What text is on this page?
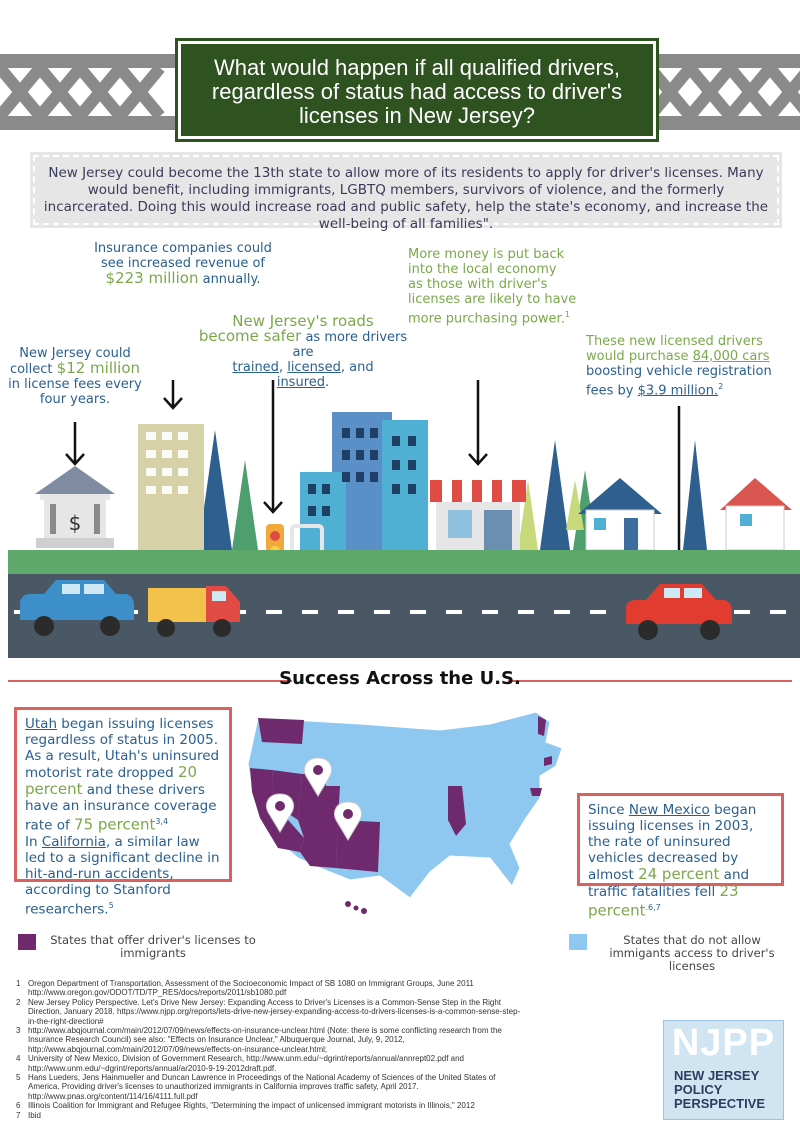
What would happen if all qualified drivers, regardless of status had access to driver's licenses in New Jersey?
New Jersey could become the 13th state to allow more of its residents to apply for driver's licenses. Many would benefit, including immigrants, LGBTQ members, survivors of violence, and the formerly incarcerated. Doing this would increase road and public safety, help the state's economy, and increase the well-being of all families".
New Jersey could
collect $12 million
in license fees every
four years.
Insurance companies could
see increased revenue of
$223 million annually.
New Jersey's roads
become safer as more drivers are
trained, licensed, and
insured.
More money is put back
into the local economy
as those with driver's
licenses are likely to have
more purchasing power.$^1$
These new licensed drivers
would purchase 84,000 cars
boosting vehicle registration
fees by $3.9 million.$^2$
$
Success Across the U.S.
Utah began issuing licenses regardless of status in 2005. As a result, Utah's uninsured motorist rate dropped 20 percent and these drivers have an insurance coverage rate of 75 percent$^{3,4}$
In California, a similar law led to a significant decline in hit-and-run accidents, according to Stanford researchers.$^5$
Since New Mexico began issuing licenses in 2003, the rate of uninsured vehicles decreased by almost 24 percent and traffic fatalities fell 23 percent$^{.6,7}$
States that offer driver's licenses to immigrants
States that do not allow immigants access to driver's licenses
1 Oregon Department of Transportation, Assessment of the Socioeconomic Impact of SB 1080 on Immigrant Groups, June 2011 http://www.oregon.gov/ODOT/TD/TP_RES/docs/reports/2011/sb1080.pdf
2 New Jersey Policy Perspective. Let's Drive New Jersey: Expanding Access to Driver's Licenses is a Common-Sense Step in the Right Direction, January 2018. https://www.njpp.org/reports/lets-drive-new-jersey-expanding-access-to-drivers-licenses-is-a-common-sense-step-in-the-right-direction#
3 http://www.abqjournal.com/main/2012/07/09/news/effects-on-insurance-unclear.html (Note: there is some conflicting research from the Insurance Research Council) see also: "Effects on Insurance Unclear," Albuquerque Journal, July, 9, 2012, http://www.abqjournal.com/main/2012/07/09/news/effects-on-insurance-unclear.html;
4 University of New Mexico, Division of Government Research, http://www.unm.edu/~dgrint/reports/annual/annrept02.pdf and http://www.unm.edu/~dgrint/reports/annual/ar2010-9-19-2012draft.pdf.
5 Hans Lueders, Jens Hainmueller and Duncan Lawrence in Proceedings of the National Academy of Sciences of the United States of America, Providing driver's licenses to unauthorized immigrants in California improves traffic safety, April 2017. http://www.pnas.org/content/114/16/4111.full.pdf
6 Illinois Coalition for Immigrant and Refugee Rights, "Determining the impact of unlicensed immigrant motorists in Illinois," 2012
7 Ibid
NJPP
NEW JERSEY
POLICY
PERSPECTIVE
